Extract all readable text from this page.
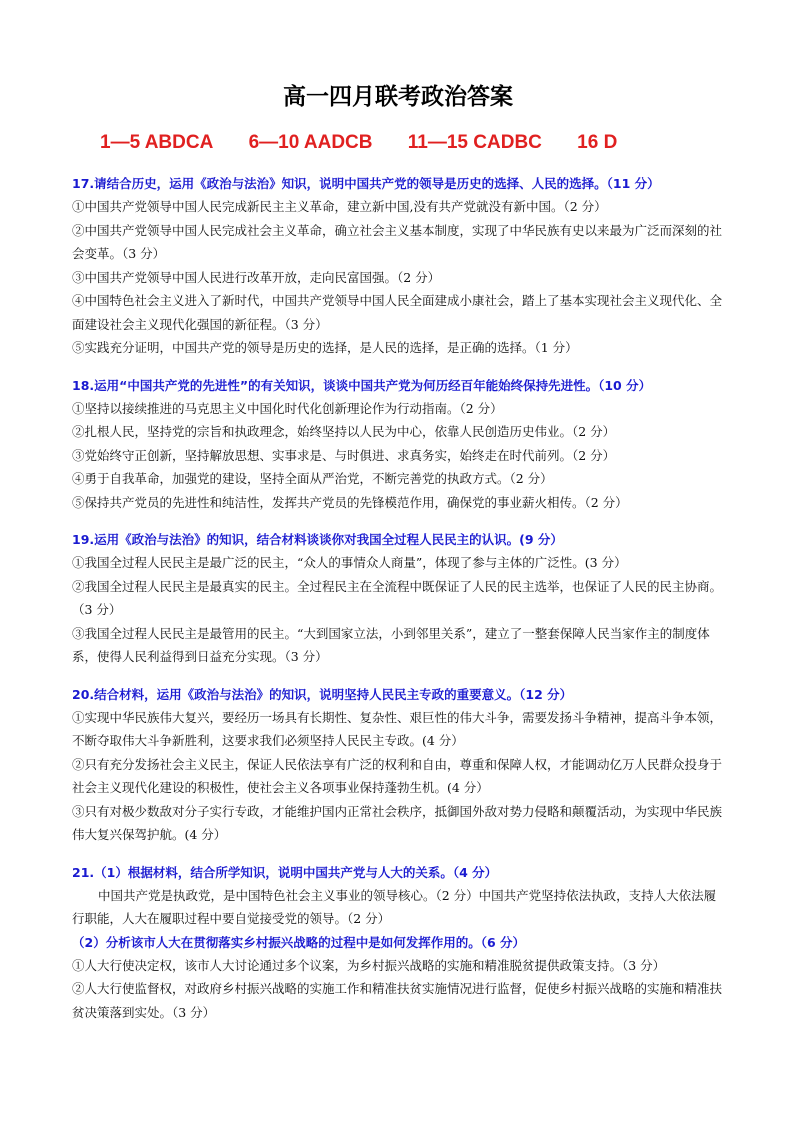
高一四月联考政治答案
1—5 ABDCA 6—10 AADCB 11—15 CADBC 16 D
17.请结合历史，运用《政治与法治》知识，说明中国共产党的领导是历史的选择、人民的选择。（11 分）
①中国共产党领导中国人民完成新民主主义革命，建立新中国,没有共产党就没有新中国。（2 分）
②中国共产党领导中国人民完成社会主义革命，确立社会主义基本制度，实现了中华民族有史以来最为广泛而深刻的社会变革。（3 分）
③中国共产党领导中国人民进行改革开放，走向民富国强。（2 分）
④中国特色社会主义进入了新时代，中国共产党领导中国人民全面建成小康社会，踏上了基本实现社会主义现代化、全面建设社会主义现代化强国的新征程。（3 分）
⑤实践充分证明，中国共产党的领导是历史的选择，是人民的选择，是正确的选择。（1 分）
18.运用“中国共产党的先进性”的有关知识，谈谈中国共产党为何历经百年能始终保持先进性。（10 分）
①坚持以接续推进的马克思主义中国化时代化创新理论作为行动指南。（2 分）
②扎根人民，坚持党的宗旨和执政理念，始终坚持以人民为中心，依靠人民创造历史伟业。（2 分）
③党始终守正创新，坚持解放思想、实事求是、与时俱进、求真务实，始终走在时代前列。（2 分）
④勇于自我革命，加强党的建设，坚持全面从严治党，不断完善党的执政方式。（2 分）
⑤保持共产党员的先进性和纯洁性，发挥共产党员的先锋模范作用，确保党的事业薪火相传。（2 分）
19.运用《政治与法治》的知识，结合材料谈谈你对我国全过程人民民主的认识。(9 分）
①我国全过程人民民主是最广泛的民主，“众人的事情众人商量”，体现了参与主体的广泛性。(3 分）
②我国全过程人民民主是最真实的民主。全过程民主在全流程中既保证了人民的民主选举，也保证了人民的民主协商。（3 分）
③我国全过程人民民主是最管用的民主。“大到国家立法，小到邻里关系”，建立了一整套保障人民当家作主的制度体系，使得人民利益得到日益充分实现。（3 分）
20.结合材料，运用《政治与法治》的知识，说明坚持人民民主专政的重要意义。（12 分）
①实现中华民族伟大复兴，要经历一场具有长期性、复杂性、艰巨性的伟大斗争，需要发扬斗争精神，提高斗争本领，不断夺取伟大斗争新胜利，这要求我们必须坚持人民民主专政。(4 分）
②只有充分发扬社会主义民主，保证人民依法享有广泛的权利和自由，尊重和保障人权，才能调动亿万人民群众投身于社会主义现代化建设的积极性，使社会主义各项事业保持蓬勃生机。(4 分）
③只有对极少数敌对分子实行专政，才能维护国内正常社会秩序，抵御国外敌对势力侵略和颠覆活动，为实现中华民族伟大复兴保驾护航。(4 分）
21.（1）根据材料，结合所学知识，说明中国共产党与人大的关系。（4 分）
中国共产党是执政党，是中国特色社会主义事业的领导核心。（2 分）中国共产党坚持依法执政，支持人大依法履行职能，人大在履职过程中要自觉接受党的领导。（2 分）
（2）分析该市人大在贯彻落实乡村振兴战略的过程中是如何发挥作用的。（6 分）
①人大行使决定权，该市人大讨论通过多个议案，为乡村振兴战略的实施和精准脱贫提供政策支持。（3 分）
②人大行使监督权，对政府乡村振兴战略的实施工作和精准扶贫实施情况进行监督，促使乡村振兴战略的实施和精准扶贫决策落到实处。（3 分）
